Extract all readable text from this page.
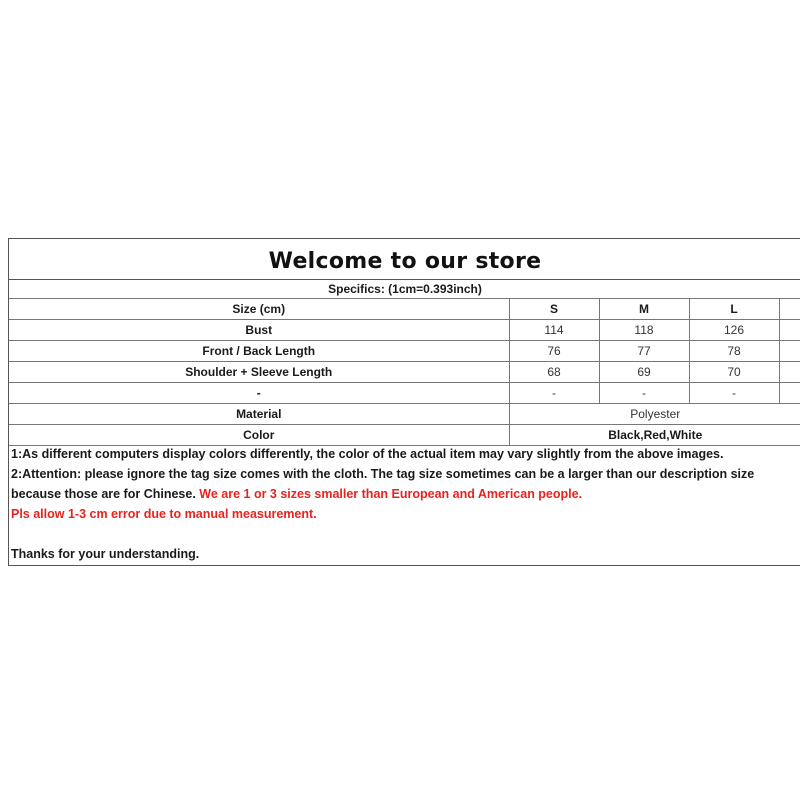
Welcome to our store
Specifics: (1cm=0.393inch)
Size (cm)	S	M	L	
Bust	114	118	126	
Front / Back Length	76	77	78	
Shoulder + Sleeve Length	68	69	70	
-	-	-	-	
Material	Polyester			
Color	Black,Red,White			
1:As different computers display colors differently, the color of the actual item may vary slightly from the above images.
2:Attention: please ignore the tag size comes with the cloth. The tag size sometimes can be a larger than our description size
because those are for Chinese. We are 1 or 3 sizes smaller than European and American people.
Pls allow 1-3 cm error due to manual measurement.
Thanks for your understanding.
